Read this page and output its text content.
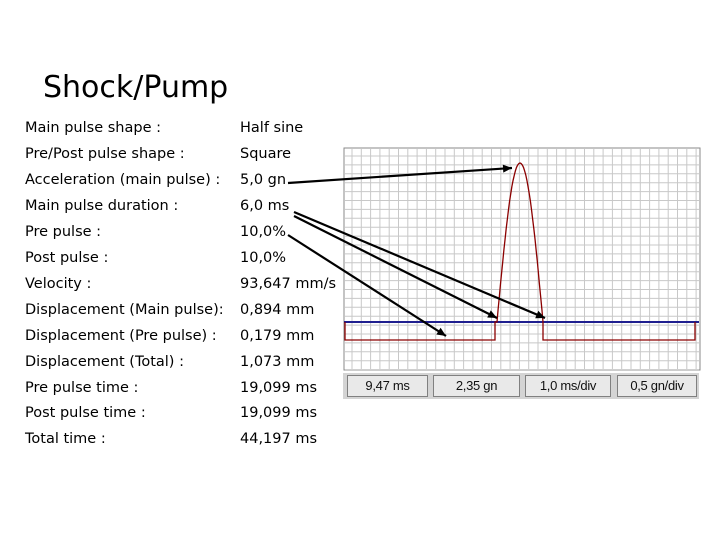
Shock/Pump
Main pulse shape :	Half sine
Pre/Post pulse shape :	Square
Acceleration (main pulse) : 5,0 gn
Main pulse duration :	6,0 ms
Pre pulse :	10,0%
Post pulse :	10,0%
Velocity :	93,647 mm/s
Displacement (Main pulse): 0,894 mm
Displacement (Pre pulse) : 0,179 mm
Displacement (Total) :	1,073 mm
Pre pulse time :	19,099 ms
Post pulse time :	19,099 ms
Total time :	44,197 ms
9,47 ms	2,35 gn	1,0 ms/div	0,5 gn/div
